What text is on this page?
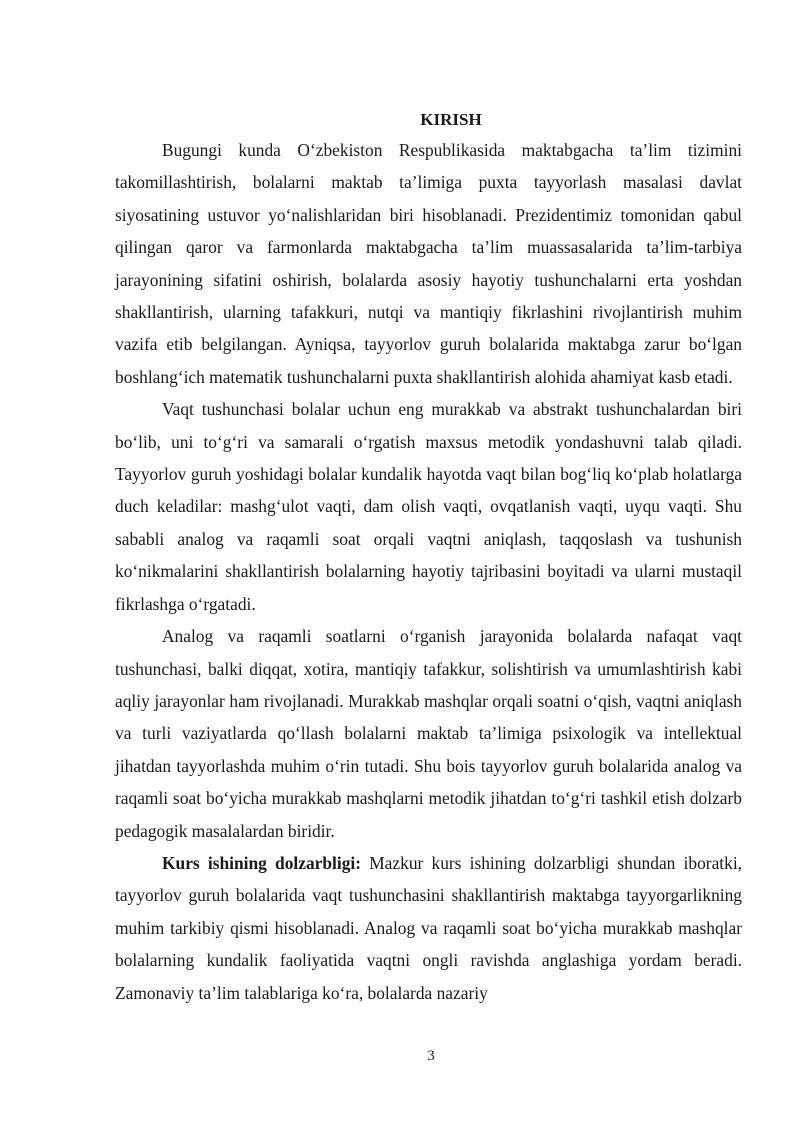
KIRISH

Bugungi kunda O‘zbekiston Respublikasida maktabgacha ta’lim tizimini takomillashtirish, bolalarni maktab ta’limiga puxta tayyorlash masalasi davlat siyosatining ustuvor yo‘nalishlaridan biri hisoblanadi. Prezidentimiz tomonidan qabul qilingan qaror va farmonlarda maktabgacha ta’lim muassasalarida ta’lim-tarbiya jarayonining sifatini oshirish, bolalarda asosiy hayotiy tushunchalarni erta yoshdan shakllantirish, ularning tafakkuri, nutqi va mantiqiy fikrlashini rivojlantirish muhim vazifa etib belgilangan. Ayniqsa, tayyorlov guruh bolalarida maktabga zarur bo‘lgan boshlang‘ich matematik tushunchalarni puxta shakllantirish alohida ahamiyat kasb etadi.

Vaqt tushunchasi bolalar uchun eng murakkab va abstrakt tushunchalardan biri bo‘lib, uni to‘g‘ri va samarali o‘rgatish maxsus metodik yondashuvni talab qiladi. Tayyorlov guruh yoshidagi bolalar kundalik hayotda vaqt bilan bog‘liq ko‘plab holatlarga duch keladilar: mashg‘ulot vaqti, dam olish vaqti, ovqatlanish vaqti, uyqu vaqti. Shu sababli analog va raqamli soat orqali vaqtni aniqlash, taqqoslash va tushunish ko‘nikmalarini shakllantirish bolalarning hayotiy tajribasini boyitadi va ularni mustaqil fikrlashga o‘rgatadi.

Analog va raqamli soatlarni o‘rganish jarayonida bolalarda nafaqat vaqt tushunchasi, balki diqqat, xotira, mantiqiy tafakkur, solishtirish va umumlashtirish kabi aqliy jarayonlar ham rivojlanadi. Murakkab mashqlar orqali soatni o‘qish, vaqtni aniqlash va turli vaziyatlarda qo‘llash bolalarni maktab ta’limiga psixologik va intellektual jihatdan tayyorlashda muhim o‘rin tutadi. Shu bois tayyorlov guruh bolalarida analog va raqamli soat bo‘yicha murakkab mashqlarni metodik jihatdan to‘g‘ri tashkil etish dolzarb pedagogik masalalardan biridir.

Kurs ishining dolzarbligi: Mazkur kurs ishining dolzarbligi shundan iboratki, tayyorlov guruh bolalarida vaqt tushunchasini shakllantirish maktabga tayyorgarlikning muhim tarkibiy qismi hisoblanadi. Analog va raqamli soat bo‘yicha murakkab mashqlar bolalarning kundalik faoliyatida vaqtni ongli ravishda anglashiga yordam beradi. Zamonaviy ta’lim talablariga ko‘ra, bolalarda nazariy

3
